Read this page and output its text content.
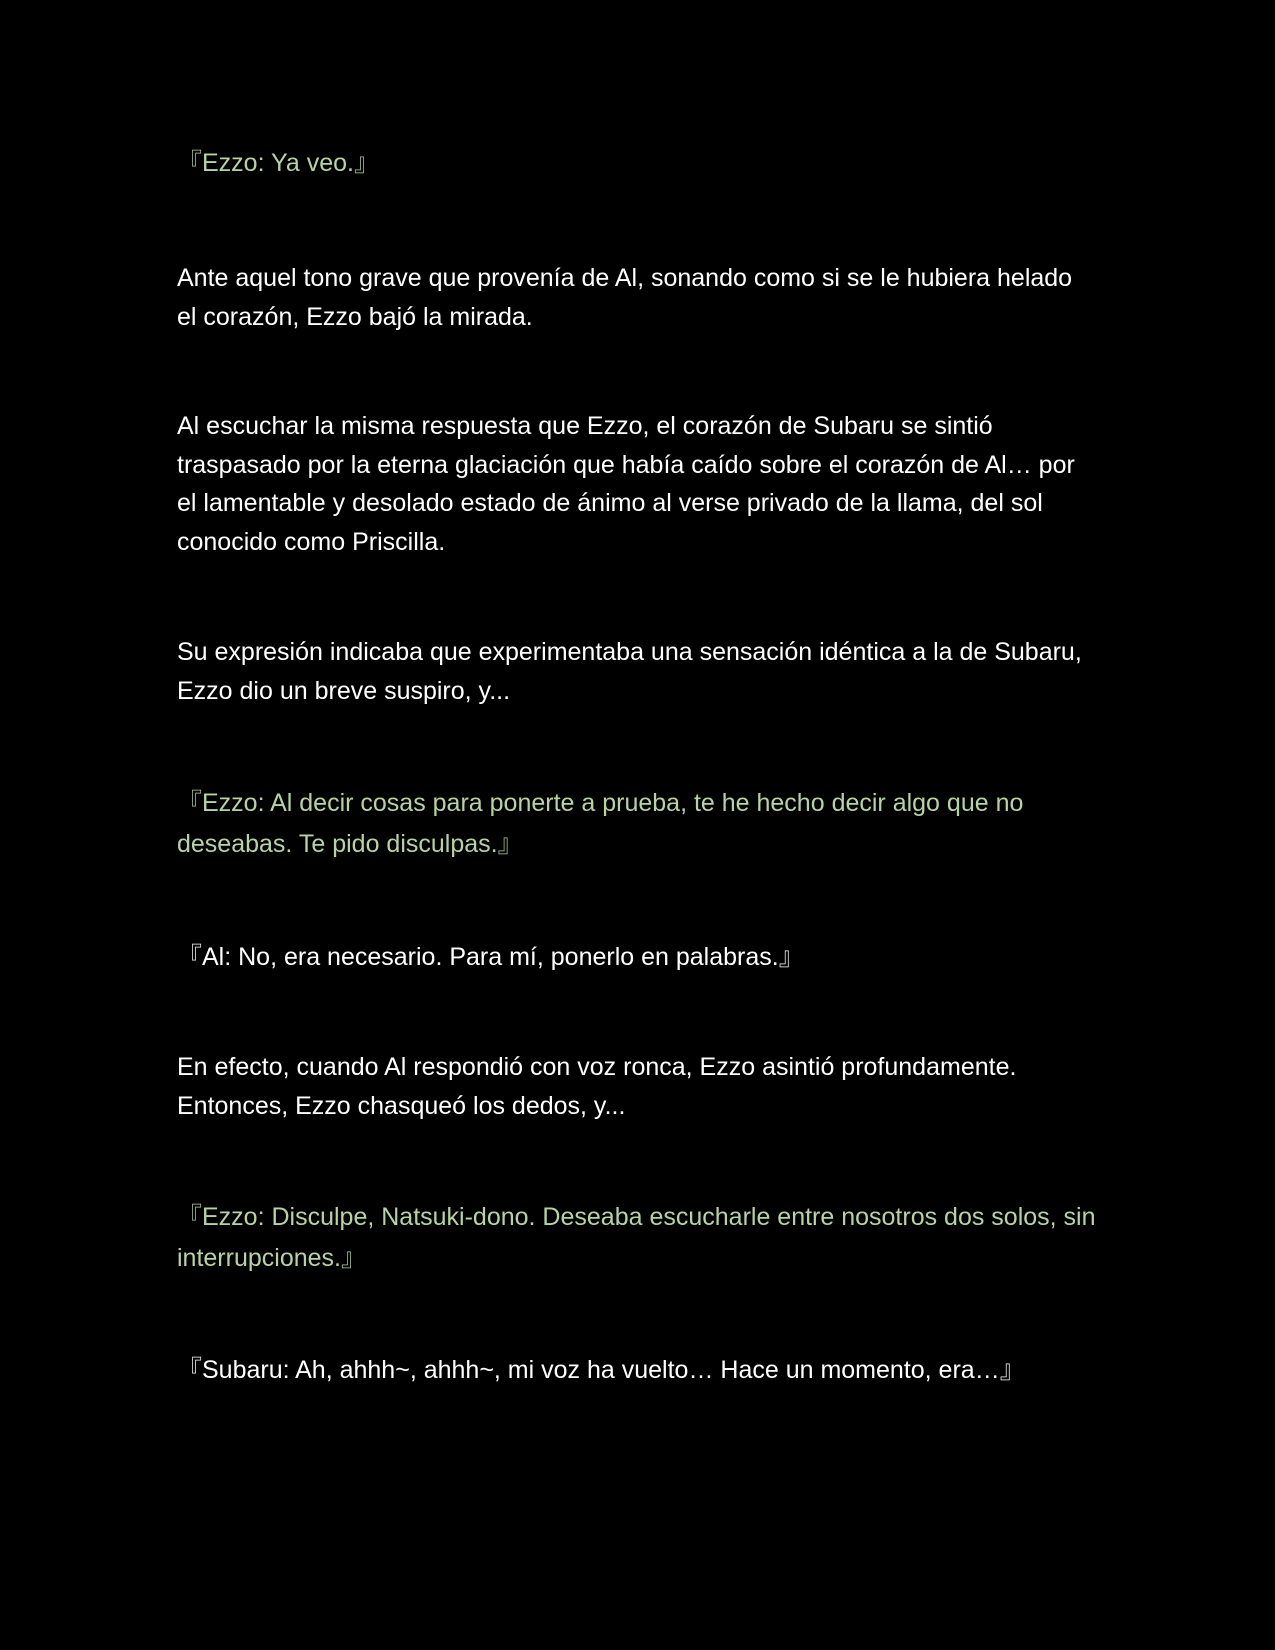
『Ezzo: Ya veo.』

Ante aquel tono grave que provenía de Al, sonando como si se le hubiera helado el corazón, Ezzo bajó la mirada.

Al escuchar la misma respuesta que Ezzo, el corazón de Subaru se sintió traspasado por la eterna glaciación que había caído sobre el corazón de Al… por el lamentable y desolado estado de ánimo al verse privado de la llama, del sol conocido como Priscilla.

Su expresión indicaba que experimentaba una sensación idéntica a la de Subaru, Ezzo dio un breve suspiro, y...

『Ezzo: Al decir cosas para ponerte a prueba, te he hecho decir algo que no deseabas. Te pido disculpas.』

『Al: No, era necesario. Para mí, ponerlo en palabras.』

En efecto, cuando Al respondió con voz ronca, Ezzo asintió profundamente. Entonces, Ezzo chasqueó los dedos, y...

『Ezzo: Disculpe, Natsuki-dono. Deseaba escucharle entre nosotros dos solos, sin interrupciones.』

『Subaru: Ah, ahhh~, ahhh~, mi voz ha vuelto… Hace un momento, era…』
